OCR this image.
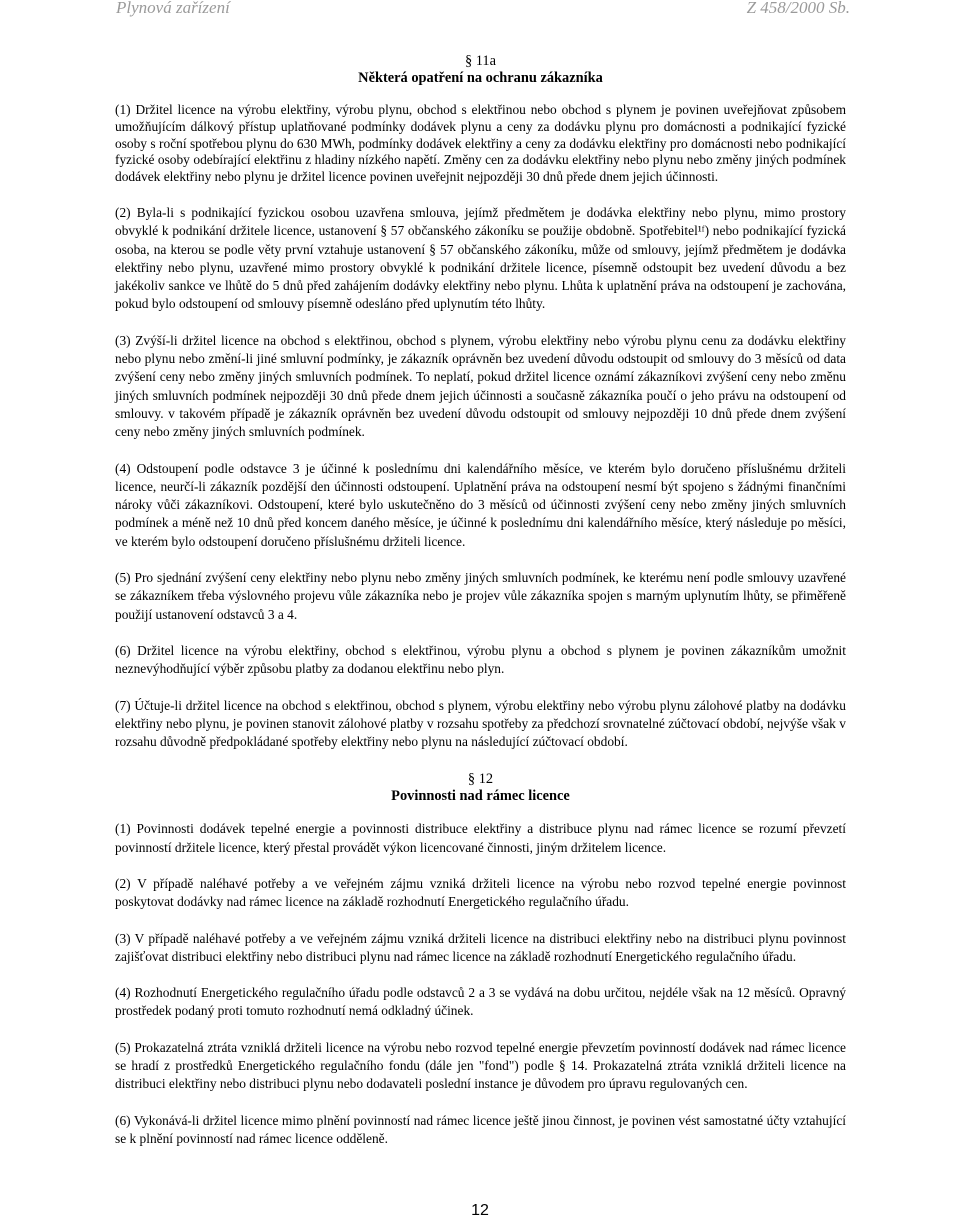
Plynová zařízení	Z 458/2000 Sb.
§ 11a
Některá opatření na ochranu zákazníka
(1) Držitel licence na výrobu elektřiny, výrobu plynu, obchod s elektřinou nebo obchod s plynem je povinen uveřejňovat způsobem umožňujícím dálkový přístup uplatňované podmínky dodávek plynu a ceny za dodávku plynu pro domácnosti a podnikající fyzické osoby s roční spotřebou plynu do 630 MWh, podmínky dodávek elektřiny a ceny za dodávku elektřiny pro domácnosti nebo podnikající fyzické osoby odebírající elektřinu z hladiny nízkého napětí. Změny cen za dodávku elektřiny nebo plynu nebo změny jiných podmínek dodávek elektřiny nebo plynu je držitel licence povinen uveřejnit nejpozději 30 dnů přede dnem jejich účinnosti.
(2) Byla-li s podnikající fyzickou osobou uzavřena smlouva, jejímž předmětem je dodávka elektřiny nebo plynu, mimo prostory obvyklé k podnikání držitele licence, ustanovení § 57 občanského zákoníku se použije obdobně. Spotřebitel¹ᶠ) nebo podnikající fyzická osoba, na kterou se podle věty první vztahuje ustanovení § 57 občanského zákoníku, může od smlouvy, jejímž předmětem je dodávka elektřiny nebo plynu, uzavřené mimo prostory obvyklé k podnikání držitele licence, písemně odstoupit bez uvedení důvodu a bez jakékoliv sankce ve lhůtě do 5 dnů před zahájením dodávky elektřiny nebo plynu. Lhůta k uplatnění práva na odstoupení je zachována, pokud bylo odstoupení od smlouvy písemně odesláno před uplynutím této lhůty.
(3) Zvýší-li držitel licence na obchod s elektřinou, obchod s plynem, výrobu elektřiny nebo výrobu plynu cenu za dodávku elektřiny nebo plynu nebo změní-li jiné smluvní podmínky, je zákazník oprávněn bez uvedení důvodu odstoupit od smlouvy do 3 měsíců od data zvýšení ceny nebo změny jiných smluvních podmínek. To neplatí, pokud držitel licence oznámí zákazníkovi zvýšení ceny nebo změnu jiných smluvních podmínek nejpozději 30 dnů přede dnem jejich účinnosti a současně zákazníka poučí o jeho právu na odstoupení od smlouvy. v takovém případě je zákazník oprávněn bez uvedení důvodu odstoupit od smlouvy nejpozději 10 dnů přede dnem zvýšení ceny nebo změny jiných smluvních podmínek.
(4) Odstoupení podle odstavce 3 je účinné k poslednímu dni kalendářního měsíce, ve kterém bylo doručeno příslušnému držiteli licence, neurčí-li zákazník pozdější den účinnosti odstoupení. Uplatnění práva na odstoupení nesmí být spojeno s žádnými finančními nároky vůči zákazníkovi. Odstoupení, které bylo uskutečněno do 3 měsíců od účinnosti zvýšení ceny nebo změny jiných smluvních podmínek a méně než 10 dnů před koncem daného měsíce, je účinné k poslednímu dni kalendářního měsíce, který následuje po měsíci, ve kterém bylo odstoupení doručeno příslušnému držiteli licence.
(5) Pro sjednání zvýšení ceny elektřiny nebo plynu nebo změny jiných smluvních podmínek, ke kterému není podle smlouvy uzavřené se zákazníkem třeba výslovného projevu vůle zákazníka nebo je projev vůle zákazníka spojen s marným uplynutím lhůty, se přiměřeně použijí ustanovení odstavců 3 a 4.
(6) Držitel licence na výrobu elektřiny, obchod s elektřinou, výrobu plynu a obchod s plynem je povinen zákazníkům umožnit neznevýhodňující výběr způsobu platby za dodanou elektřinu nebo plyn.
(7) Účtuje-li držitel licence na obchod s elektřinou, obchod s plynem, výrobu elektřiny nebo výrobu plynu zálohové platby na dodávku elektřiny nebo plynu, je povinen stanovit zálohové platby v rozsahu spotřeby za předchozí srovnatelné zúčtovací období, nejvýše však v rozsahu důvodně předpokládané spotřeby elektřiny nebo plynu na následující zúčtovací období.
§ 12
Povinnosti nad rámec licence
(1) Povinnosti dodávek tepelné energie a povinnosti distribuce elektřiny a distribuce plynu nad rámec licence se rozumí převzetí povinností držitele licence, který přestal provádět výkon licencované činnosti, jiným držitelem licence.
(2) V případě naléhavé potřeby a ve veřejném zájmu vzniká držiteli licence na výrobu nebo rozvod tepelné energie povinnost poskytovat dodávky nad rámec licence na základě rozhodnutí Energetického regulačního úřadu.
(3) V případě naléhavé potřeby a ve veřejném zájmu vzniká držiteli licence na distribuci elektřiny nebo na distribuci plynu povinnost zajišťovat distribuci elektřiny nebo distribuci plynu nad rámec licence na základě rozhodnutí Energetického regulačního úřadu.
(4) Rozhodnutí Energetického regulačního úřadu podle odstavců 2 a 3 se vydává na dobu určitou, nejdéle však na 12 měsíců. Opravný prostředek podaný proti tomuto rozhodnutí nemá odkladný účinek.
(5) Prokazatelná ztráta vzniklá držiteli licence na výrobu nebo rozvod tepelné energie převzetím povinností dodávek nad rámec licence se hradí z prostředků Energetického regulačního fondu (dále jen "fond") podle § 14. Prokazatelná ztráta vzniklá držiteli licence na distribuci elektřiny nebo distribuci plynu nebo dodavateli poslední instance je důvodem pro úpravu regulovaných cen.
(6) Vykonává-li držitel licence mimo plnění povinností nad rámec licence ještě jinou činnost, je povinen vést samostatné účty vztahující se k plnění povinností nad rámec licence odděleně.
12
